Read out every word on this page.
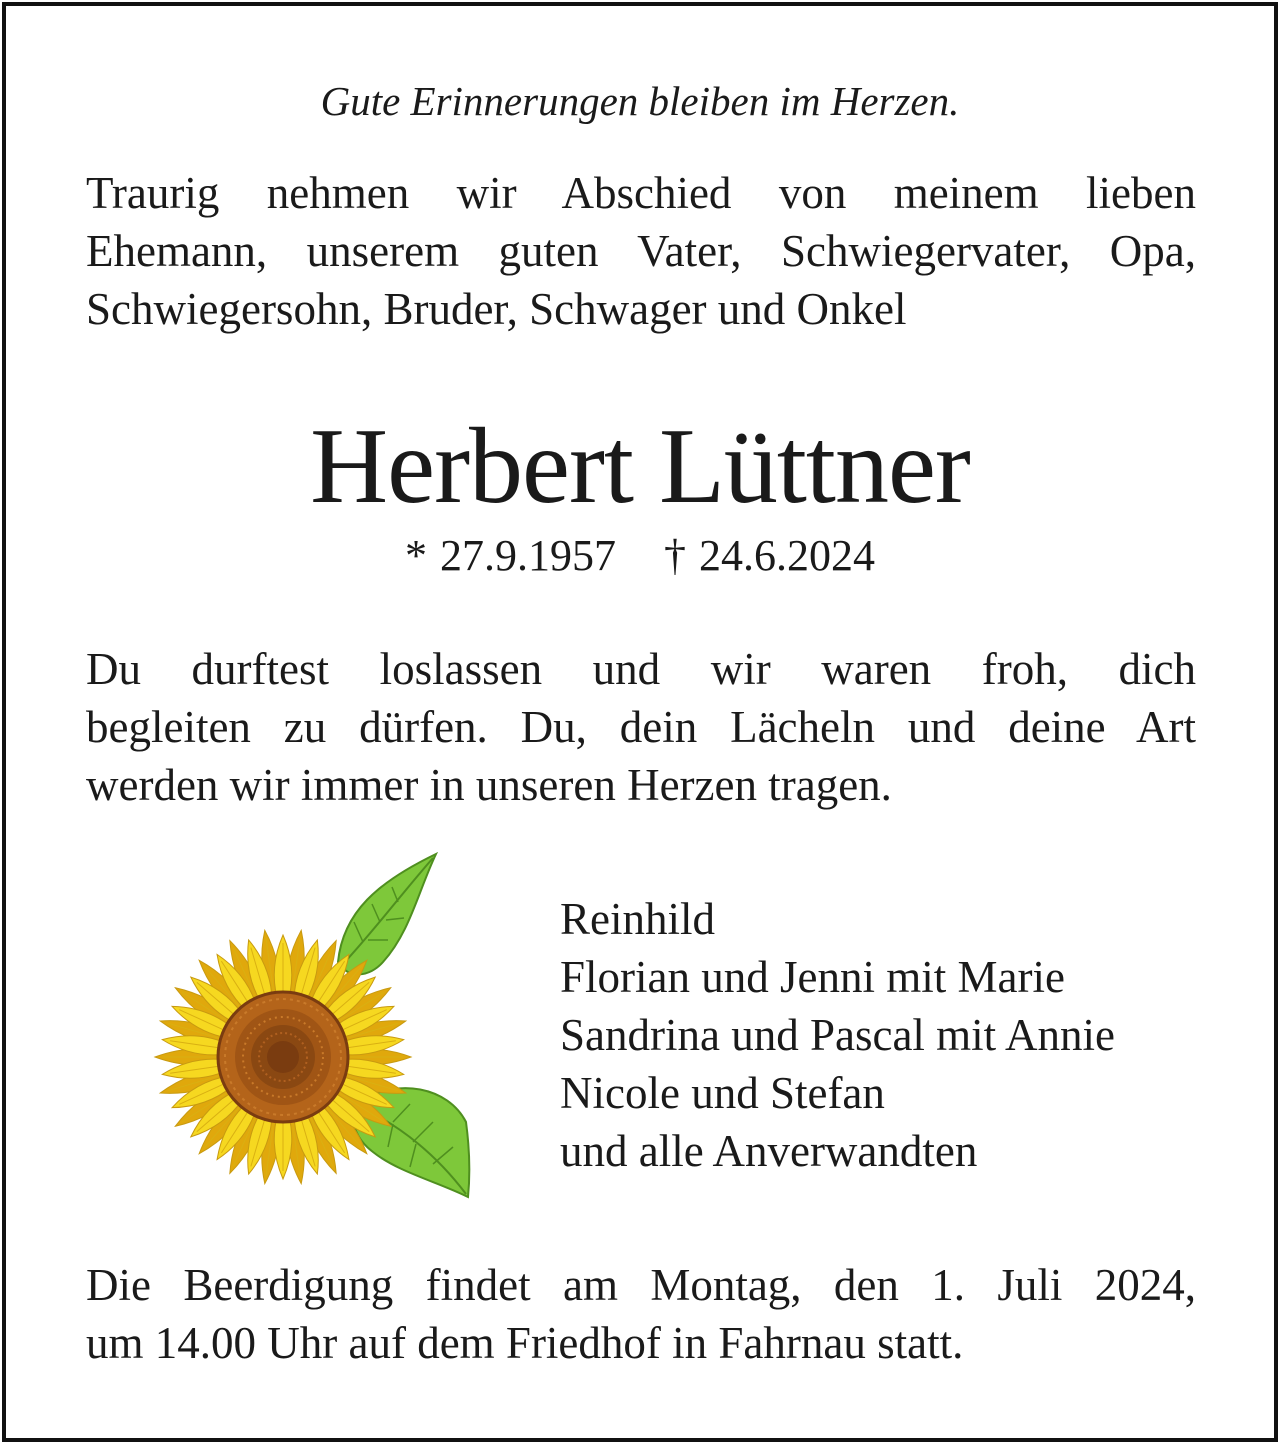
Gute Erinnerungen bleiben im Herzen.
Traurig nehmen wir Abschied von meinem lieben
Ehemann, unserem guten Vater, Schwiegervater, Opa,
Schwiegersohn, Bruder, Schwager und Onkel
Herbert Lüttner
* 27.9.1957 † 24.6.2024
Du durftest loslassen und wir waren froh, dich
begleiten zu dürfen. Du, dein Lächeln und deine Art
werden wir immer in unseren Herzen tragen.
Reinhild
Florian und Jenni mit Marie
Sandrina und Pascal mit Annie
Nicole und Stefan
und alle Anverwandten
Die Beerdigung findet am Montag, den 1. Juli 2024,
um 14.00 Uhr auf dem Friedhof in Fahrnau statt.
